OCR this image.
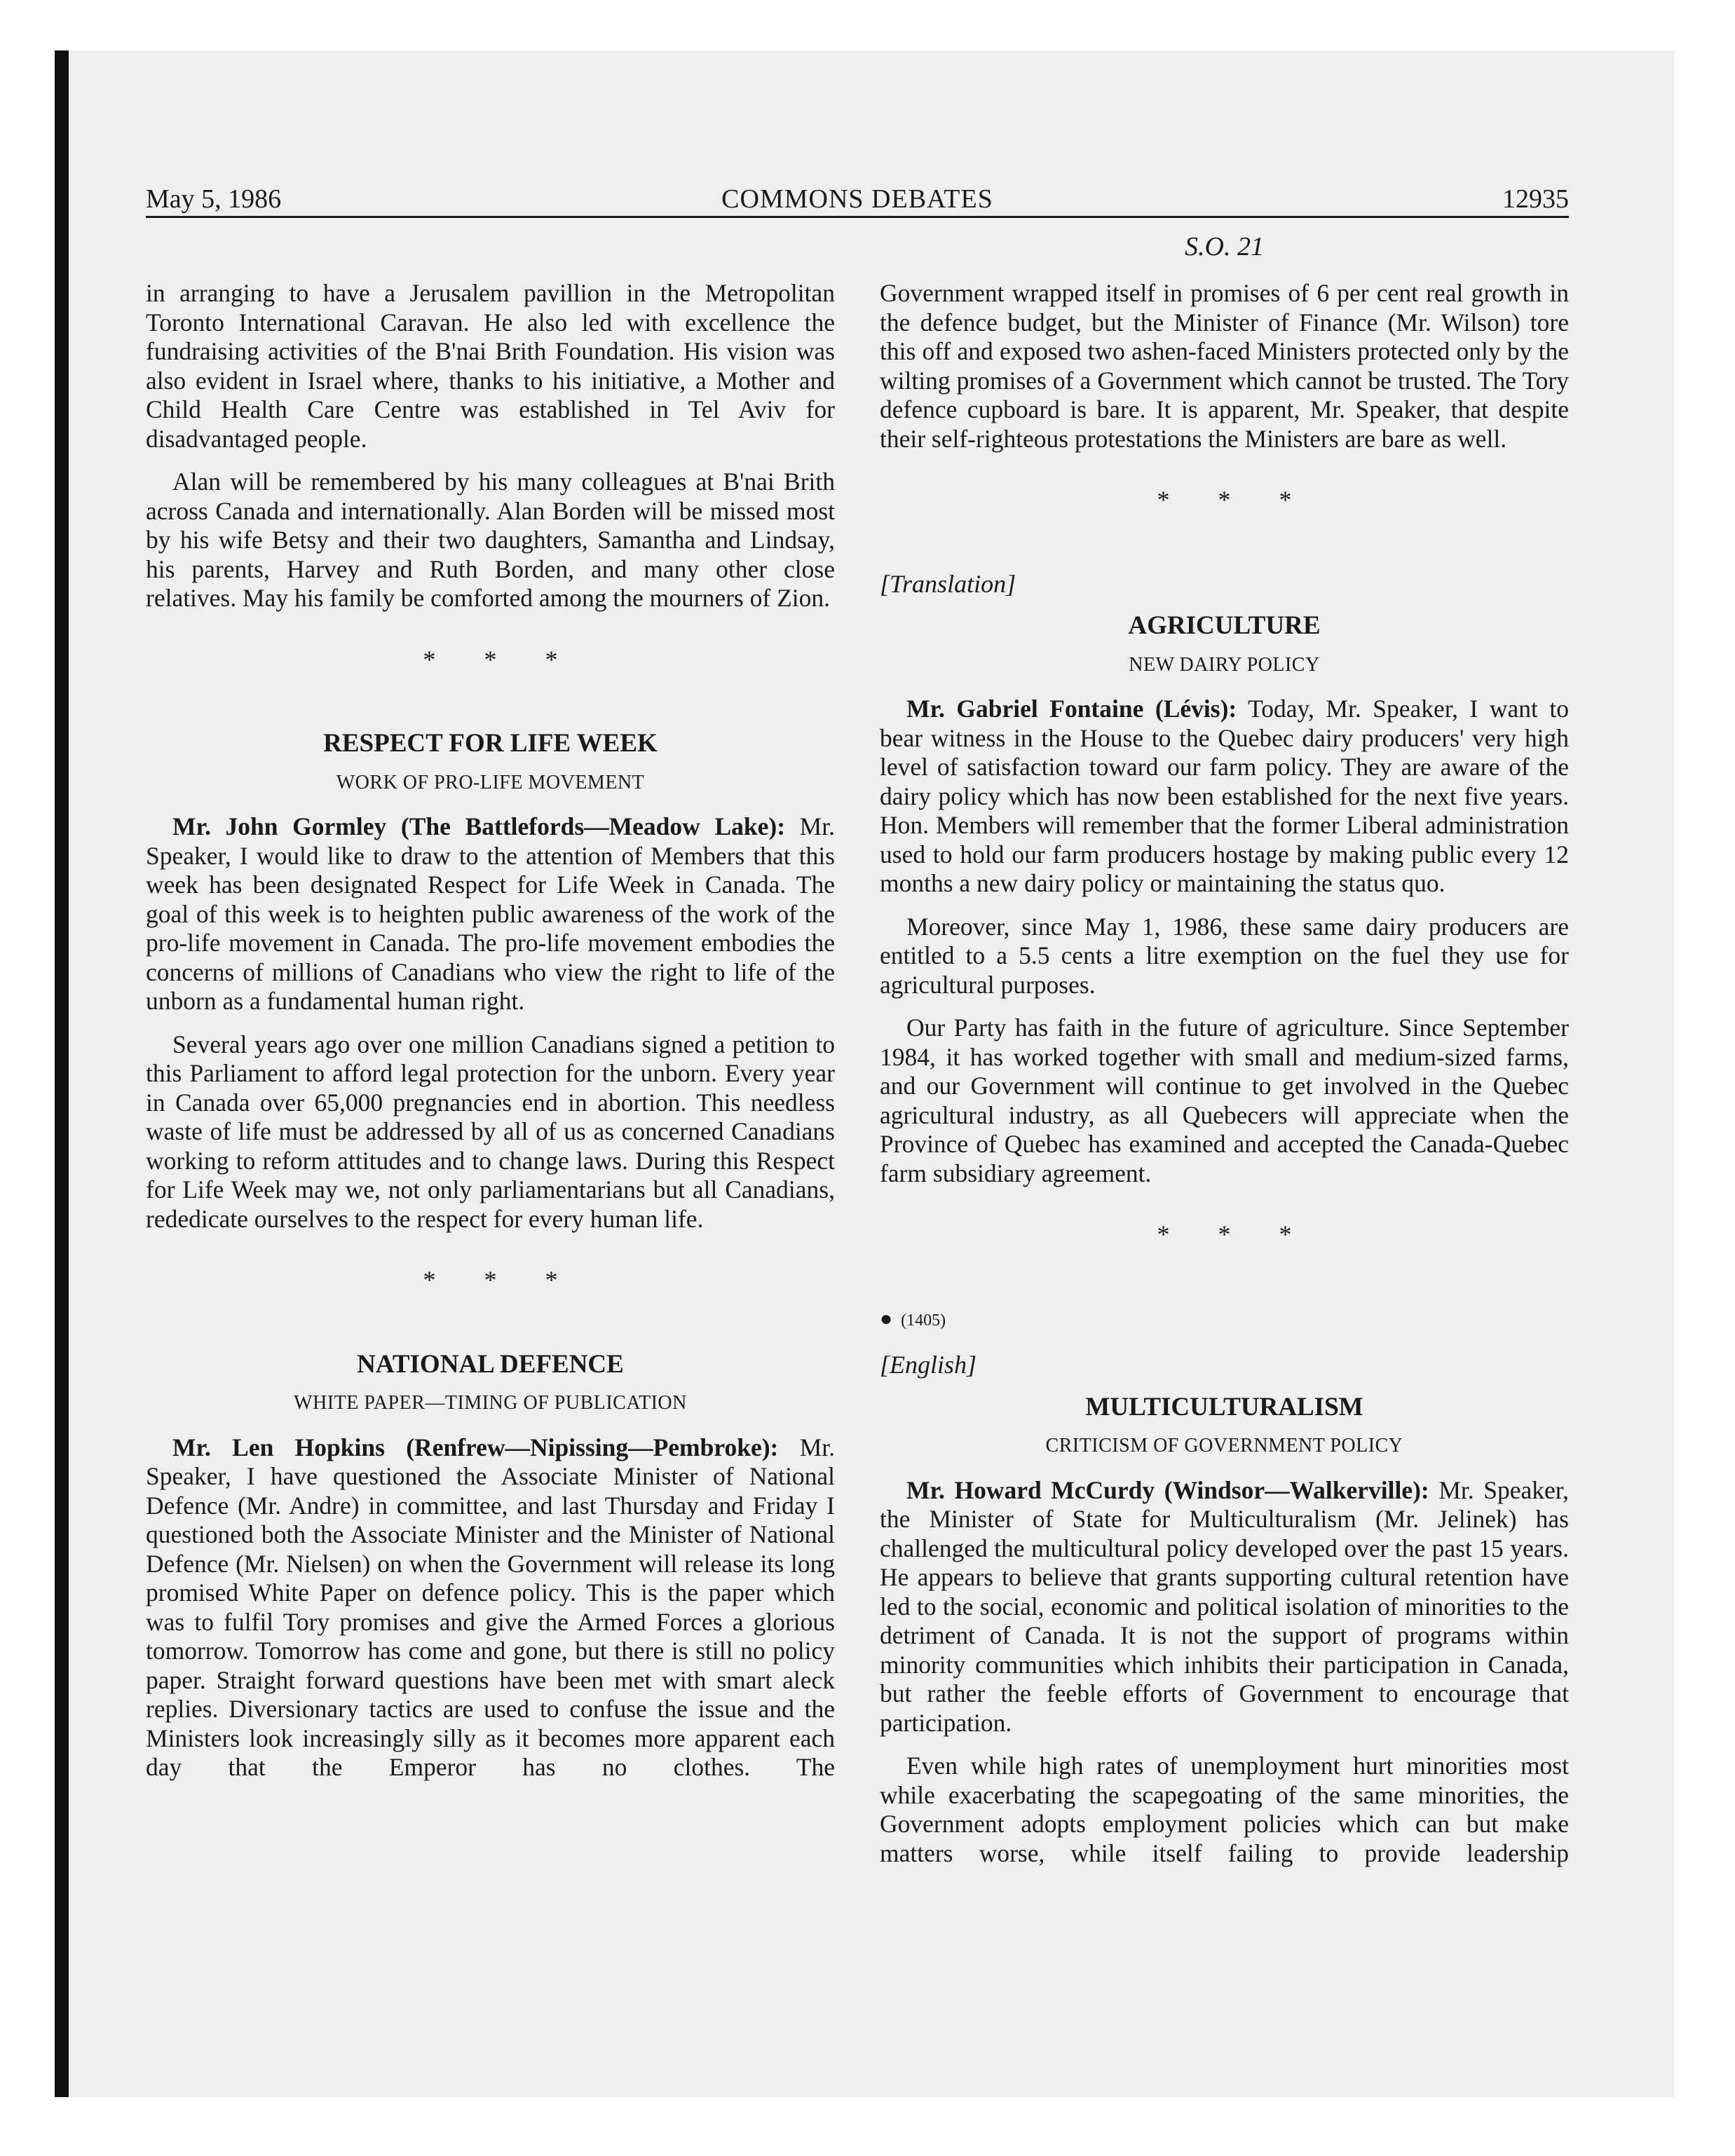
May 5, 1986	COMMONS DEBATES	12935
S.O. 21

in arranging to have a Jerusalem pavillion in the Metropolitan Toronto International Caravan. He also led with excellence the fundraising activities of the B'nai Brith Foundation. His vision was also evident in Israel where, thanks to his initiative, a Mother and Child Health Care Centre was established in Tel Aviv for disadvantaged people.

Alan will be remembered by his many colleagues at B'nai Brith across Canada and internationally. Alan Borden will be missed most by his wife Betsy and their two daughters, Samantha and Lindsay, his parents, Harvey and Ruth Borden, and many other close relatives. May his family be comforted among the mourners of Zion.

* * *
RESPECT FOR LIFE WEEK
WORK OF PRO-LIFE MOVEMENT

Mr. John Gormley (The Battlefords—Meadow Lake): Mr. Speaker, I would like to draw to the attention of Members that this week has been designated Respect for Life Week in Canada. The goal of this week is to heighten public awareness of the work of the pro-life movement in Canada. The pro-life movement embodies the concerns of millions of Canadians who view the right to life of the unborn as a fundamental human right.

Several years ago over one million Canadians signed a petition to this Parliament to afford legal protection for the unborn. Every year in Canada over 65,000 pregnancies end in abortion. This needless waste of life must be addressed by all of us as concerned Canadians working to reform attitudes and to change laws. During this Respect for Life Week may we, not only parliamentarians but all Canadians, rededicate ourselves to the respect for every human life.

* * *
NATIONAL DEFENCE
WHITE PAPER—TIMING OF PUBLICATION

Mr. Len Hopkins (Renfrew—Nipissing—Pembroke): Mr. Speaker, I have questioned the Associate Minister of National Defence (Mr. Andre) in committee, and last Thursday and Friday I questioned both the Associate Minister and the Minister of National Defence (Mr. Nielsen) on when the Government will release its long promised White Paper on defence policy. This is the paper which was to fulfil Tory promises and give the Armed Forces a glorious tomorrow. Tomorrow has come and gone, but there is still no policy paper. Straight forward questions have been met with smart aleck replies. Diversionary tactics are used to confuse the issue and the Ministers look increasingly silly as it becomes more apparent each day that the Emperor has no clothes. The

Government wrapped itself in promises of 6 per cent real growth in the defence budget, but the Minister of Finance (Mr. Wilson) tore this off and exposed two ashen-faced Ministers protected only by the wilting promises of a Government which cannot be trusted. The Tory defence cupboard is bare. It is apparent, Mr. Speaker, that despite their self-righteous protestations the Ministers are bare as well.

* * *
[Translation]
AGRICULTURE
NEW DAIRY POLICY

Mr. Gabriel Fontaine (Lévis): Today, Mr. Speaker, I want to bear witness in the House to the Quebec dairy producers' very high level of satisfaction toward our farm policy. They are aware of the dairy policy which has now been established for the next five years. Hon. Members will remember that the former Liberal administration used to hold our farm producers hostage by making public every 12 months a new dairy policy or maintaining the status quo.

Moreover, since May 1, 1986, these same dairy producers are entitled to a 5.5 cents a litre exemption on the fuel they use for agricultural purposes.

Our Party has faith in the future of agriculture. Since September 1984, it has worked together with small and medium-sized farms, and our Government will continue to get involved in the Quebec agricultural industry, as all Quebecers will appreciate when the Province of Quebec has examined and accepted the Canada-Quebec farm subsidiary agreement.

* * *
● (1405)
[English]
MULTICULTURALISM
CRITICISM OF GOVERNMENT POLICY

Mr. Howard McCurdy (Windsor—Walkerville): Mr. Speaker, the Minister of State for Multiculturalism (Mr. Jelinek) has challenged the multicultural policy developed over the past 15 years. He appears to believe that grants supporting cultural retention have led to the social, economic and political isolation of minorities to the detriment of Canada. It is not the support of programs within minority communities which inhibits their participation in Canada, but rather the feeble efforts of Government to encourage that participation.

Even while high rates of unemployment hurt minorities most while exacerbating the scapegoating of the same minorities, the Government adopts employment policies which can but make matters worse, while itself failing to provide leadership
